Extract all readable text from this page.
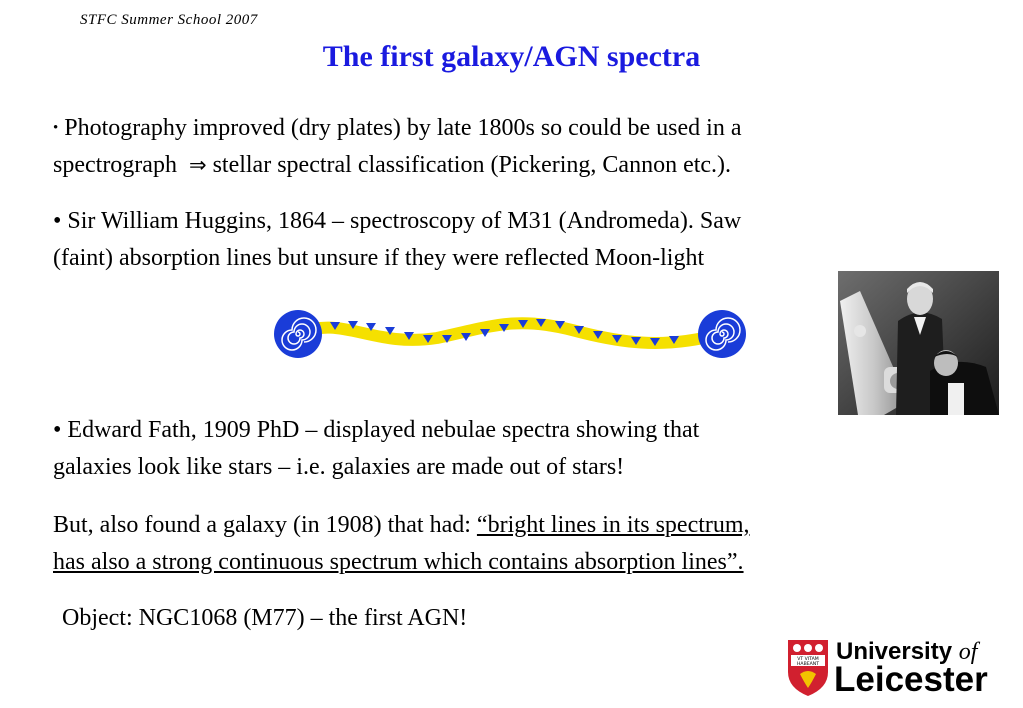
STFC Summer School 2007
The first galaxy/AGN spectra
• Photography improved (dry plates) by late 1800s so could be used in a
spectrograph ⇒ stellar spectral classification (Pickering, Cannon etc.).
• Sir William Huggins, 1864 – spectroscopy of M31 (Andromeda). Saw
(faint) absorption lines but unsure if they were reflected Moon-light
• Edward Fath, 1909 PhD – displayed nebulae spectra showing that
galaxies look like stars – i.e. galaxies are made out of stars!
But, also found a galaxy (in 1908) that had: “bright lines in its spectrum,
has also a strong continuous spectrum which contains absorption lines”.
Object: NGC1068 (M77) – the first AGN!
VT VITAM
HABEANT University of
Leicester
